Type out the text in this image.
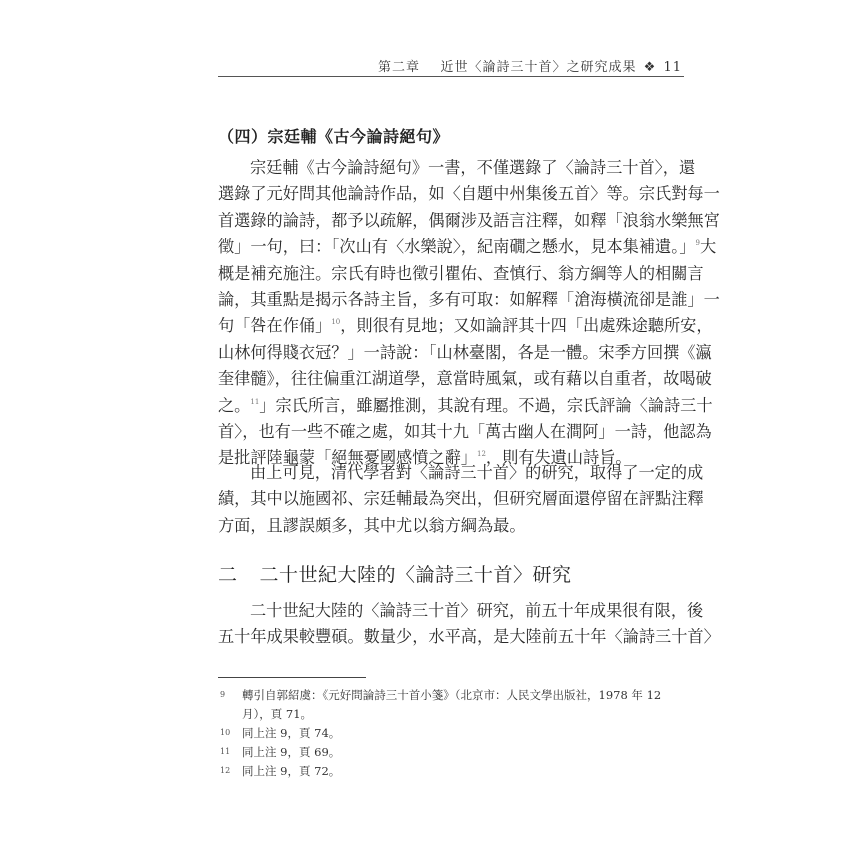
第二章 近世〈論詩三十首〉之研究成果 ❖ 11
（四）宗廷輔《古今論詩絕句》
宗廷輔《古今論詩絕句》一書，不僅選錄了〈論詩三十首〉，還
選錄了元好問其他論詩作品，如〈自題中州集後五首〉等。宗氏對每一
首選錄的論詩，都予以疏解，偶爾涉及語言注釋，如釋「浪翁水樂無宮
徵」一句，曰：「次山有〈水樂說〉，紀南礀之懸水，見本集補遺。」$^9$大
概是補充施注。宗氏有時也徵引瞿佑、查慎行、翁方綱等人的相關言
論，其重點是揭示各詩主旨，多有可取：如解釋「滄海橫流卻是誰」一
句「咎在作俑」$^{10}$，則很有見地；又如論評其十四「出處殊途聽所安，
山林何得賤衣冠？」一詩說：「山林臺閣，各是一體。宋季方回撰《瀛
奎律髓》，往往偏重江湖道學，意當時風氣，或有藉以自重者，故喝破
之。$^{11}$」宗氏所言，雖屬推測，其說有理。不過，宗氏評論〈論詩三十
首〉，也有一些不確之處，如其十九「萬古幽人在澗阿」一詩，他認為
是批評陸龜蒙「絕無憂國感憤之辭」$^{12}$，則有失遺山詩旨。
由上可見，清代學者對〈論詩三十首〉的研究，取得了一定的成
績，其中以施國祁、宗廷輔最為突出，但研究層面還停留在評點注釋
方面，且謬誤頗多，其中尤以翁方綱為最。
二 二十世紀大陸的〈論詩三十首〉研究
二十世紀大陸的〈論詩三十首〉研究，前五十年成果很有限，後
五十年成果較豐碩。數量少，水平高，是大陸前五十年〈論詩三十首〉
9 轉引自郭紹虞：《元好問論詩三十首小箋》（北京市：人民文學出版社，1978 年 12
月），頁 71。
10 同上注 9，頁 74。
11 同上注 9，頁 69。
12 同上注 9，頁 72。
